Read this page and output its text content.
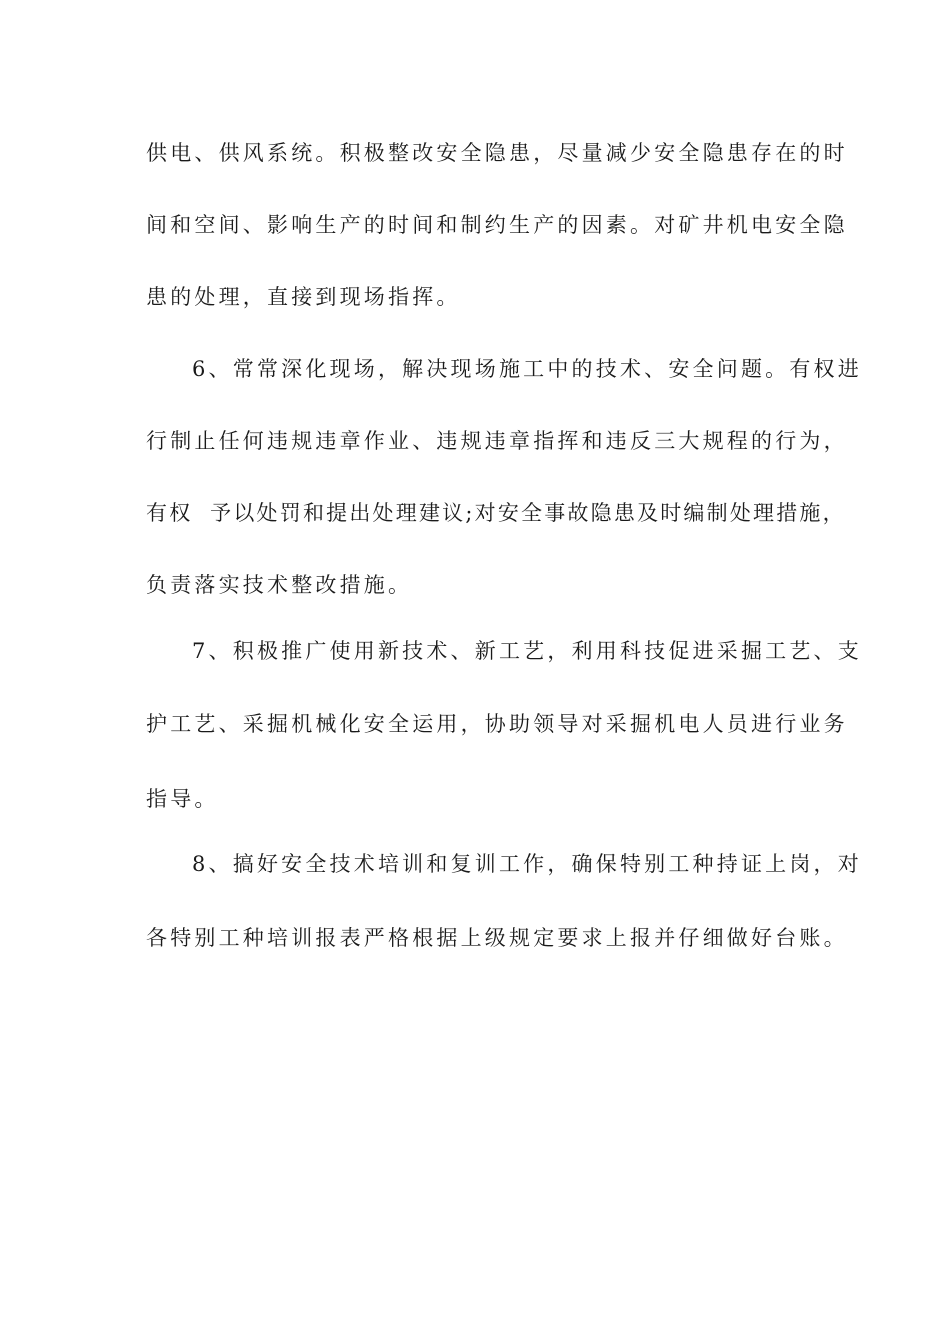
供电、供风系统。积极整改安全隐患，尽量减少安全隐患存在的时
间和空间、影响生产的时间和制约生产的因素。对矿井机电安全隐
患的处理，直接到现场指挥。
6、常常深化现场，解决现场施工中的技术、安全问题。有权进
行制止任何违规违章作业、违规违章指挥和违反三大规程的行为，
有权  予以处罚和提出处理建议;对安全事故隐患及时编制处理措施，
负责落实技术整改措施。
7、积极推广使用新技术、新工艺，利用科技促进采掘工艺、支
护工艺、采掘机械化安全运用，协助领导对采掘机电人员进行业务
指导。
8、搞好安全技术培训和复训工作，确保特别工种持证上岗，对
各特别工种培训报表严格根据上级规定要求上报并仔细做好台账。
